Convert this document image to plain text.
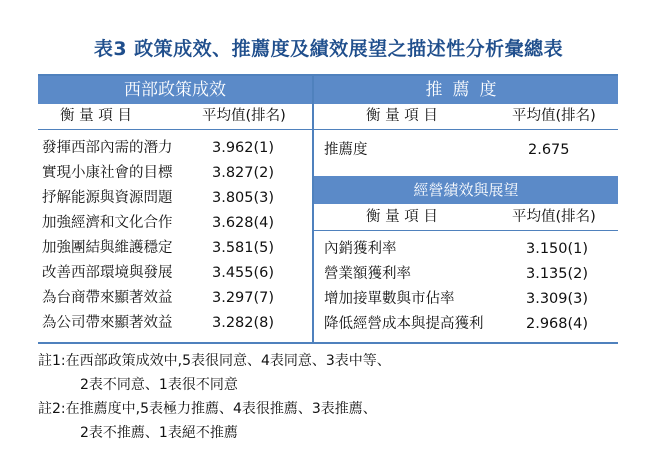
表3 政策成效、推薦度及績效展望之描述性分析彙總表
西部政策成效
衡 量 項 目	平均值(排名)
發揮西部內需的潛力	3.962(1)
實現小康社會的目標	3.827(2)
抒解能源與資源問題	3.805(3)
加強經濟和文化合作	3.628(4)
加強團結與維護穩定	3.581(5)
改善西部環境與發展	3.455(6)
為台商帶來顯著效益	3.297(7)
為公司帶來顯著效益	3.282(8)
推薦度
衡 量 項 目	平均值(排名)
推薦度	2.675
經營績效與展望
衡 量 項 目	平均值(排名)
內銷獲利率	3.150(1)
營業額獲利率	3.135(2)
增加接單數與市佔率	3.309(3)
降低經營成本與提高獲利	2.968(4)
註1:在西部政策成效中,5表很同意、4表同意、3表中等、
2表不同意、1表很不同意
註2:在推薦度中,5表極力推薦、4表很推薦、3表推薦、
2表不推薦、1表絕不推薦
